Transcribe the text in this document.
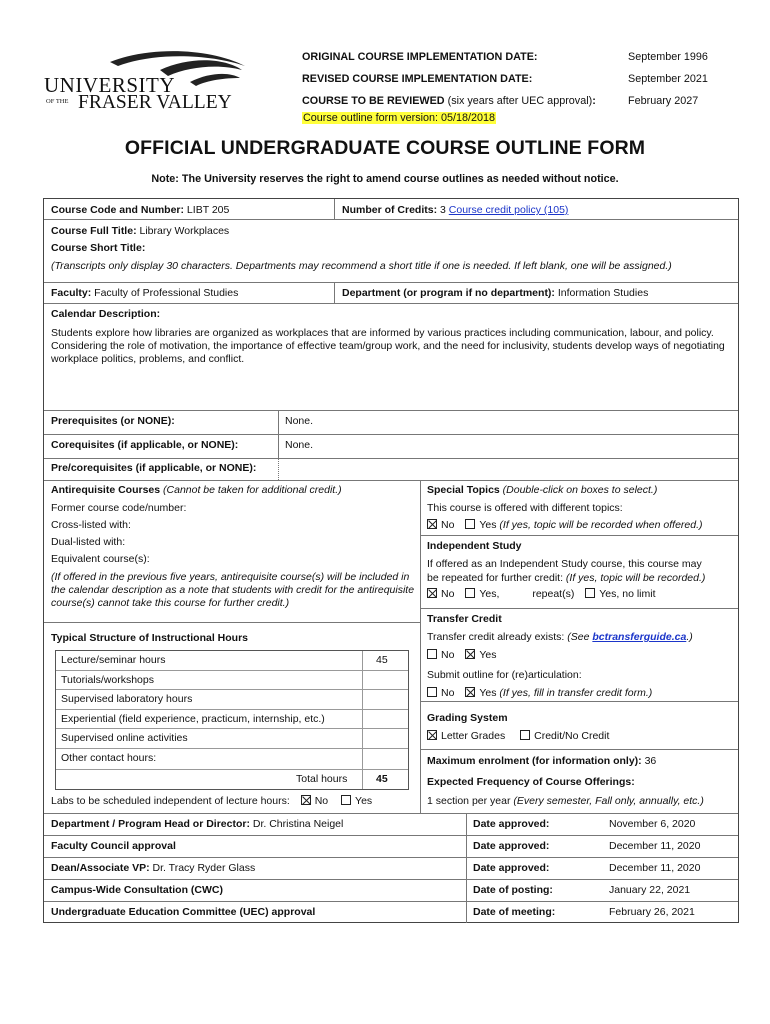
UNIVERSITY
OF THE FRASER VALLEY
ORIGINAL COURSE IMPLEMENTATION DATE:	September 1996
REVISED COURSE IMPLEMENTATION DATE:	September 2021
COURSE TO BE REVIEWED (six years after UEC approval):	February 2027
Course outline form version: 05/18/2018
OFFICIAL UNDERGRADUATE COURSE OUTLINE FORM
Note: The University reserves the right to amend course outlines as needed without notice.
Course Code and Number: LIBT 205	Number of Credits: 3 Course credit policy (105)
Course Full Title: Library Workplaces
Course Short Title:
(Transcripts only display 30 characters. Departments may recommend a short title if one is needed. If left blank, one will be assigned.)
Faculty: Faculty of Professional Studies	Department (or program if no department): Information Studies
Calendar Description:
Students explore how libraries are organized as workplaces that are informed by various practices including communication, labour, and policy. Considering the role of motivation, the importance of effective team/group work, and the need for inclusivity, students develop ways of negotiating workplace politics, problems, and conflict.
Prerequisites (or NONE):	None.
Corequisites (if applicable, or NONE):	None.
Pre/corequisites (if applicable, or NONE):
Antirequisite Courses (Cannot be taken for additional credit.)
Former course code/number:
Cross-listed with:
Dual-listed with:
Equivalent course(s):
(If offered in the previous five years, antirequisite course(s) will be included in the calendar description as a note that students with credit for the antirequisite course(s) cannot take this course for further credit.)
Typical Structure of Instructional Hours
Lecture/seminar hours	45
Tutorials/workshops
Supervised laboratory hours
Experiential (field experience, practicum, internship, etc.)
Supervised online activities
Other contact hours:
Total hours	45
Labs to be scheduled independent of lecture hours: No	Yes
Special Topics (Double-click on boxes to select.)
This course is offered with different topics:
No Yes (If yes, topic will be recorded when offered.)
Independent Study
If offered as an Independent Study course, this course may
be repeated for further credit: (If yes, topic will be recorded.)
No Yes,	repeat(s) Yes, no limit
Transfer Credit
Transfer credit already exists: (See bctransferguide.ca.)
No Yes
Submit outline for (re)articulation:
No Yes (If yes, fill in transfer credit form.)
Grading System
Letter Grades	Credit/No Credit
Maximum enrolment (for information only): 36
Expected Frequency of Course Offerings:
1 section per year (Every semester, Fall only, annually, etc.)
Department / Program Head or Director: Dr. Christina Neigel	Date approved:	November 6, 2020
Faculty Council approval	Date approved:	December 11, 2020
Dean/Associate VP: Dr. Tracy Ryder Glass	Date approved:	December 11, 2020
Campus-Wide Consultation (CWC)	Date of posting:	January 22, 2021
Undergraduate Education Committee (UEC) approval	Date of meeting:	February 26, 2021
